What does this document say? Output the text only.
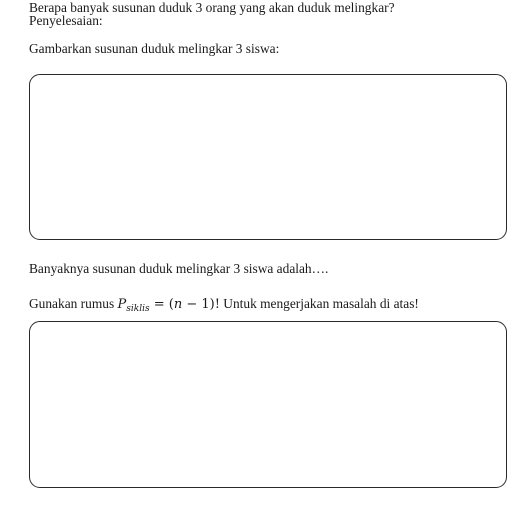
Berapa banyak susunan duduk 3 orang yang akan duduk melingkar?
Penyelesaian:
Gambarkan susunan duduk melingkar 3 siswa:
Banyaknya susunan duduk melingkar 3 siswa adalah….
Gunakan rumus $P_{siklis} = (n - 1)$! Untuk mengerjakan masalah di atas!
